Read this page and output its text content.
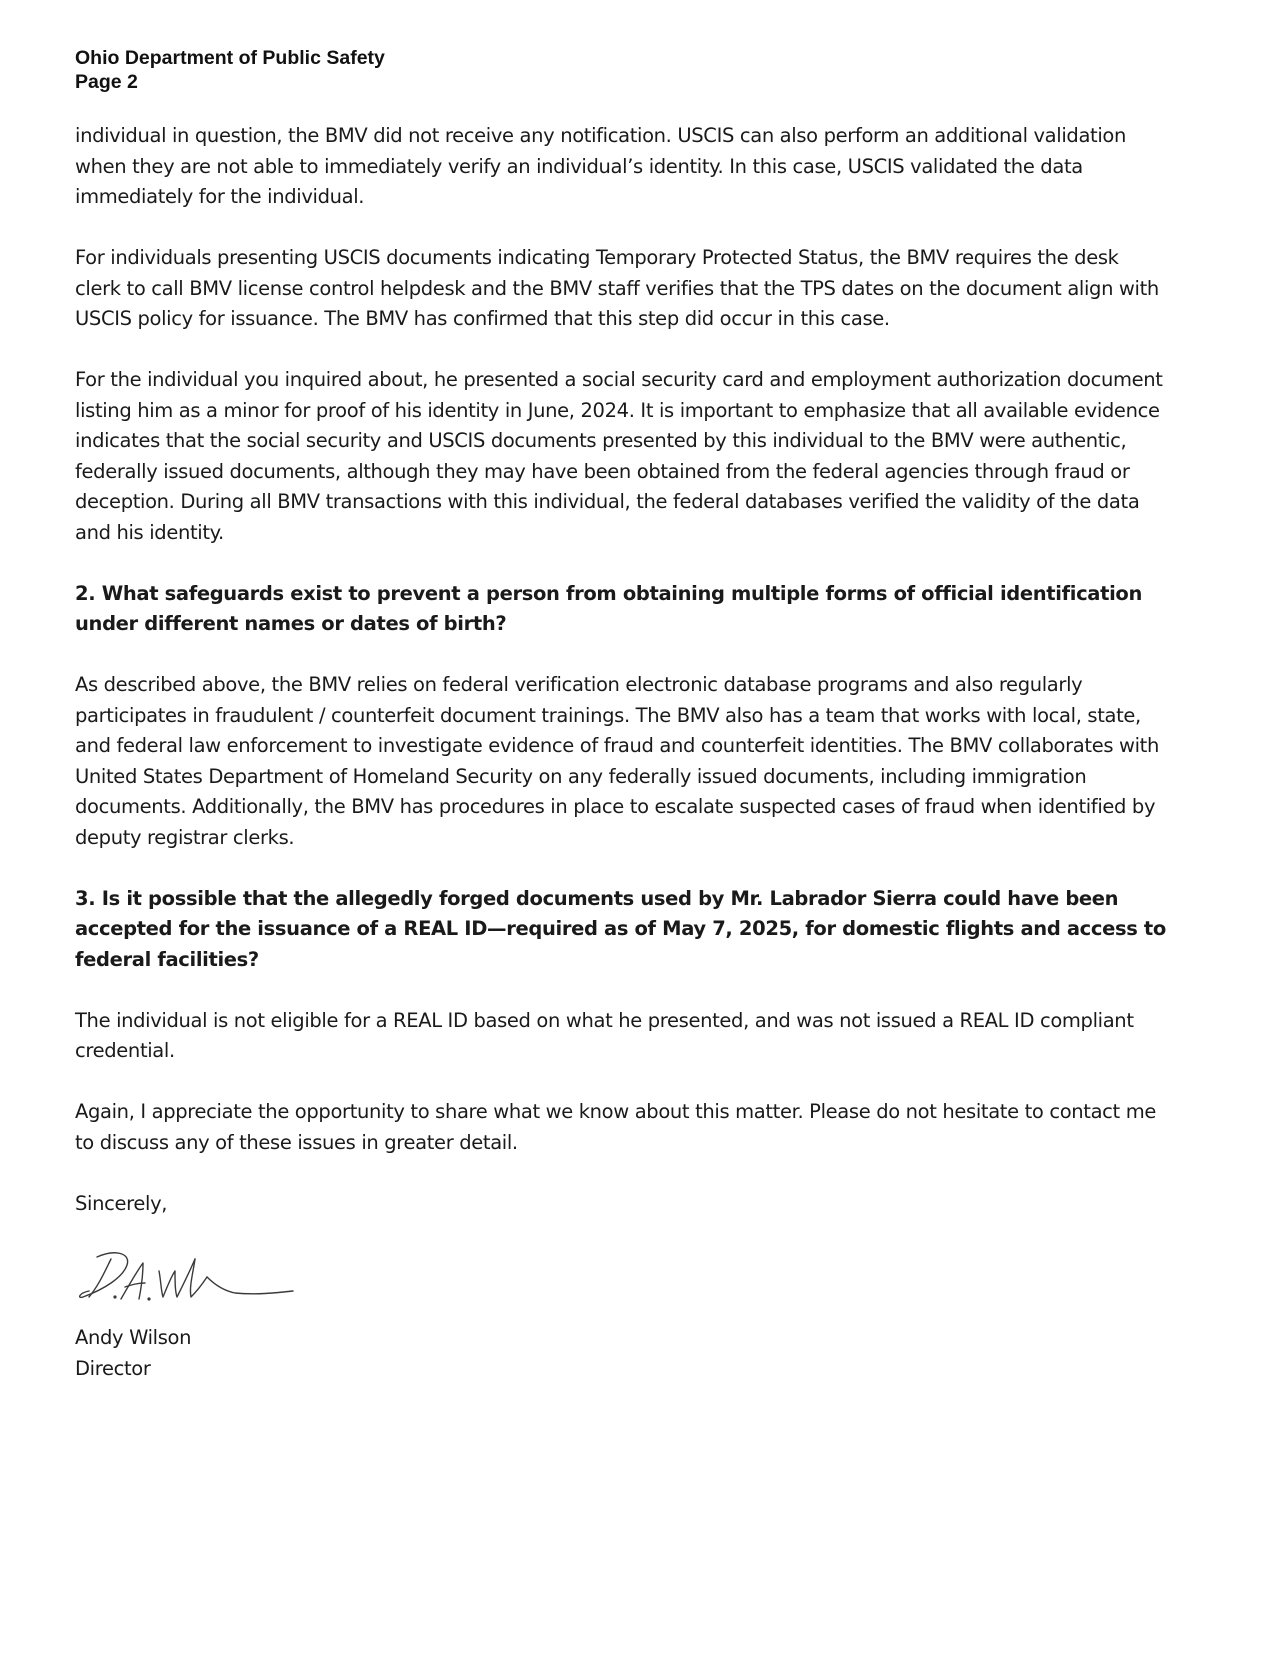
Ohio Department of Public Safety
Page 2

individual in question, the BMV did not receive any notification. USCIS can also perform an additional validation when they are not able to immediately verify an individual’s identity. In this case, USCIS validated the data immediately for the individual.

For individuals presenting USCIS documents indicating Temporary Protected Status, the BMV requires the desk clerk to call BMV license control helpdesk and the BMV staff verifies that the TPS dates on the document align with USCIS policy for issuance. The BMV has confirmed that this step did occur in this case.

For the individual you inquired about, he presented a social security card and employment authorization document listing him as a minor for proof of his identity in June, 2024. It is important to emphasize that all available evidence indicates that the social security and USCIS documents presented by this individual to the BMV were authentic, federally issued documents, although they may have been obtained from the federal agencies through fraud or deception. During all BMV transactions with this individual, the federal databases verified the validity of the data and his identity.

2. What safeguards exist to prevent a person from obtaining multiple forms of official identification under different names or dates of birth?

As described above, the BMV relies on federal verification electronic database programs and also regularly participates in fraudulent / counterfeit document trainings. The BMV also has a team that works with local, state, and federal law enforcement to investigate evidence of fraud and counterfeit identities. The BMV collaborates with United States Department of Homeland Security on any federally issued documents, including immigration documents. Additionally, the BMV has procedures in place to escalate suspected cases of fraud when identified by deputy registrar clerks.

3. Is it possible that the allegedly forged documents used by Mr. Labrador Sierra could have been accepted for the issuance of a REAL ID—required as of May 7, 2025, for domestic flights and access to federal facilities?

The individual is not eligible for a REAL ID based on what he presented, and was not issued a REAL ID compliant credential.

Again, I appreciate the opportunity to share what we know about this matter. Please do not hesitate to contact me to discuss any of these issues in greater detail.

Sincerely,

Andy Wilson
Director
